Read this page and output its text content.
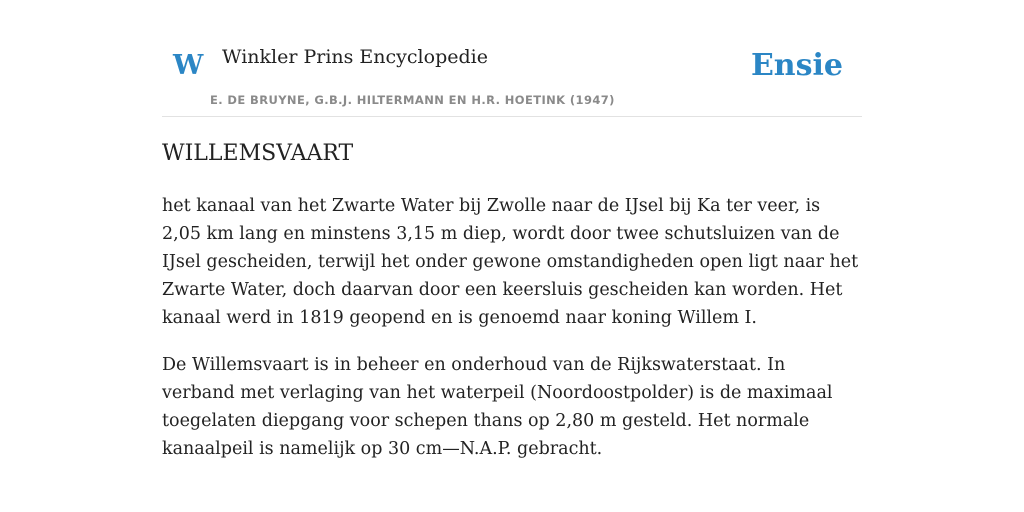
W Winkler Prins Encyclopedie
E. DE BRUYNE, G.B.J. HILTERMANN EN H.R. HOETINK (1947)
Ensie
WILLEMSVAART

het kanaal van het Zwarte Water bij Zwolle naar de IJsel bij Ka ter veer, is 2,05 km lang en minstens 3,15 m diep, wordt door twee schutsluizen van de IJsel gescheiden, terwijl het onder gewone omstandigheden open ligt naar het Zwarte Water, doch daarvan door een keersluis gescheiden kan worden. Het kanaal werd in 1819 geopend en is genoemd naar koning Willem I.

De Willemsvaart is in beheer en onderhoud van de Rijkswaterstaat. In verband met verlaging van het waterpeil (Noordoostpolder) is de maximaal toegelaten diepgang voor schepen thans op 2,80 m gesteld. Het normale kanaalpeil is namelijk op 30 cm—N.A.P. gebracht.
